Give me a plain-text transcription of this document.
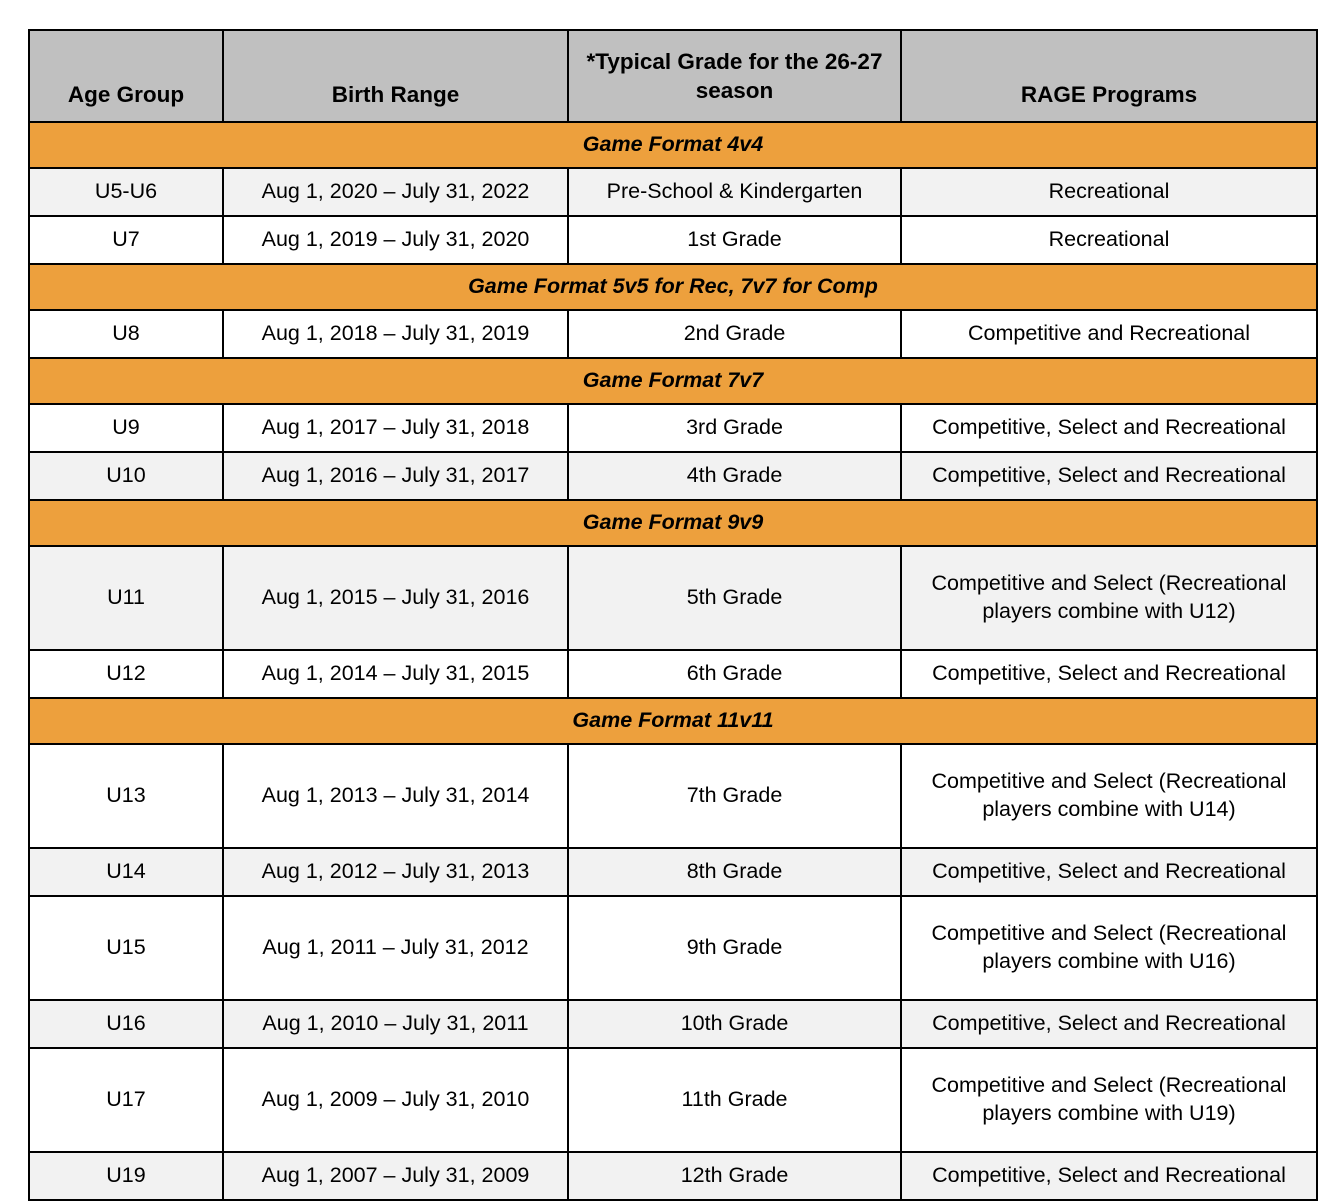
Age Group	Birth Range	*Typical Grade for the 26-27 season	RAGE Programs
Game Format 4v4			
U5-U6	Aug 1, 2020 – July 31, 2022	Pre-School & Kindergarten	Recreational
U7	Aug 1, 2019 – July 31, 2020	1st Grade	Recreational
Game Format 5v5 for Rec, 7v7 for Comp			
U8	Aug 1, 2018 – July 31, 2019	2nd Grade	Competitive and Recreational
Game Format 7v7			
U9	Aug 1, 2017 – July 31, 2018	3rd Grade	Competitive, Select and Recreational
U10	Aug 1, 2016 – July 31, 2017	4th Grade	Competitive, Select and Recreational
Game Format 9v9			
U11	Aug 1, 2015 – July 31, 2016	5th Grade	Competitive and Select (Recreational players combine with U12)
U12	Aug 1, 2014 – July 31, 2015	6th Grade	Competitive, Select and Recreational
Game Format 11v11			
U13	Aug 1, 2013 – July 31, 2014	7th Grade	Competitive and Select (Recreational players combine with U14)
U14	Aug 1, 2012 – July 31, 2013	8th Grade	Competitive, Select and Recreational
U15	Aug 1, 2011 – July 31, 2012	9th Grade	Competitive and Select (Recreational players combine with U16)
U16	Aug 1, 2010 – July 31, 2011	10th Grade	Competitive, Select and Recreational
U17	Aug 1, 2009 – July 31, 2010	11th Grade	Competitive and Select (Recreational players combine with U19)
U19	Aug 1, 2007 – July 31, 2009	12th Grade	Competitive, Select and Recreational
